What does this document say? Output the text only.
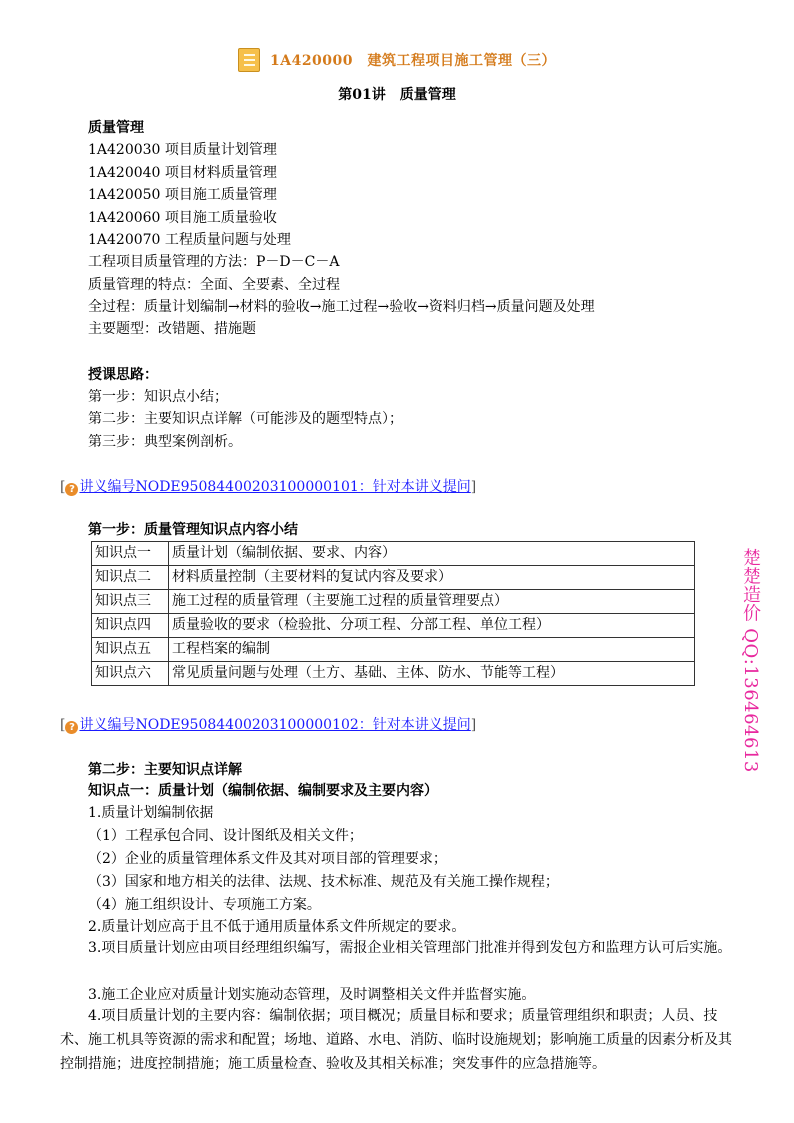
1A420000　建筑工程项目施工管理（三）
第01讲　质量管理
质量管理
1A420030 项目质量计划管理
1A420040 项目材料质量管理
1A420050 项目施工质量管理
1A420060 项目施工质量验收
1A420070 工程质量问题与处理
工程项目质量管理的方法：P－D－C－A
质量管理的特点：全面、全要素、全过程
全过程：质量计划编制→材料的验收→施工过程→验收→资料归档→质量问题及处理
主要题型：改错题、措施题
授课思路：
第一步：知识点小结；
第二步：主要知识点详解（可能涉及的题型特点）；
第三步：典型案例剖析。
[ ? 讲义编号NODE95084400203100000101：针对本讲义提问]
第一步：质量管理知识点内容小结
知识点一	质量计划（编制依据、要求、内容）
知识点二	材料质量控制（主要材料的复试内容及要求）
知识点三	施工过程的质量管理（主要施工过程的质量管理要点）
知识点四	质量验收的要求（检验批、分项工程、分部工程、单位工程）
知识点五	工程档案的编制
知识点六	常见质量问题与处理（土方、基础、主体、防水、节能等工程）	楚楚造价 QQ:136464613
[ ? 讲义编号NODE95084400203100000102：针对本讲义提问]
第二步：主要知识点详解
知识点一：质量计划（编制依据、编制要求及主要内容）
1.质量计划编制依据
（1）工程承包合同、设计图纸及相关文件；
（2）企业的质量管理体系文件及其对项目部的管理要求；
（3）国家和地方相关的法律、法规、技术标准、规范及有关施工操作规程；
（4）施工组织设计、专项施工方案。
2.质量计划应高于且不低于通用质量体系文件所规定的要求。
3.项目质量计划应由项目经理组织编写，需报企业相关管理部门批准并得到发包方和监理方认可后实施。
3.施工企业应对质量计划实施动态管理，及时调整相关文件并监督实施。
4.项目质量计划的主要内容：编制依据；项目概况；质量目标和要求；质量管理组织和职责；人员、技术、施工机具等资源的需求和配置；场地、道路、水电、消防、临时设施规划；影响施工质量的因素分析及其控制措施；进度控制措施；施工质量检查、验收及其相关标准；突发事件的应急措施等。
